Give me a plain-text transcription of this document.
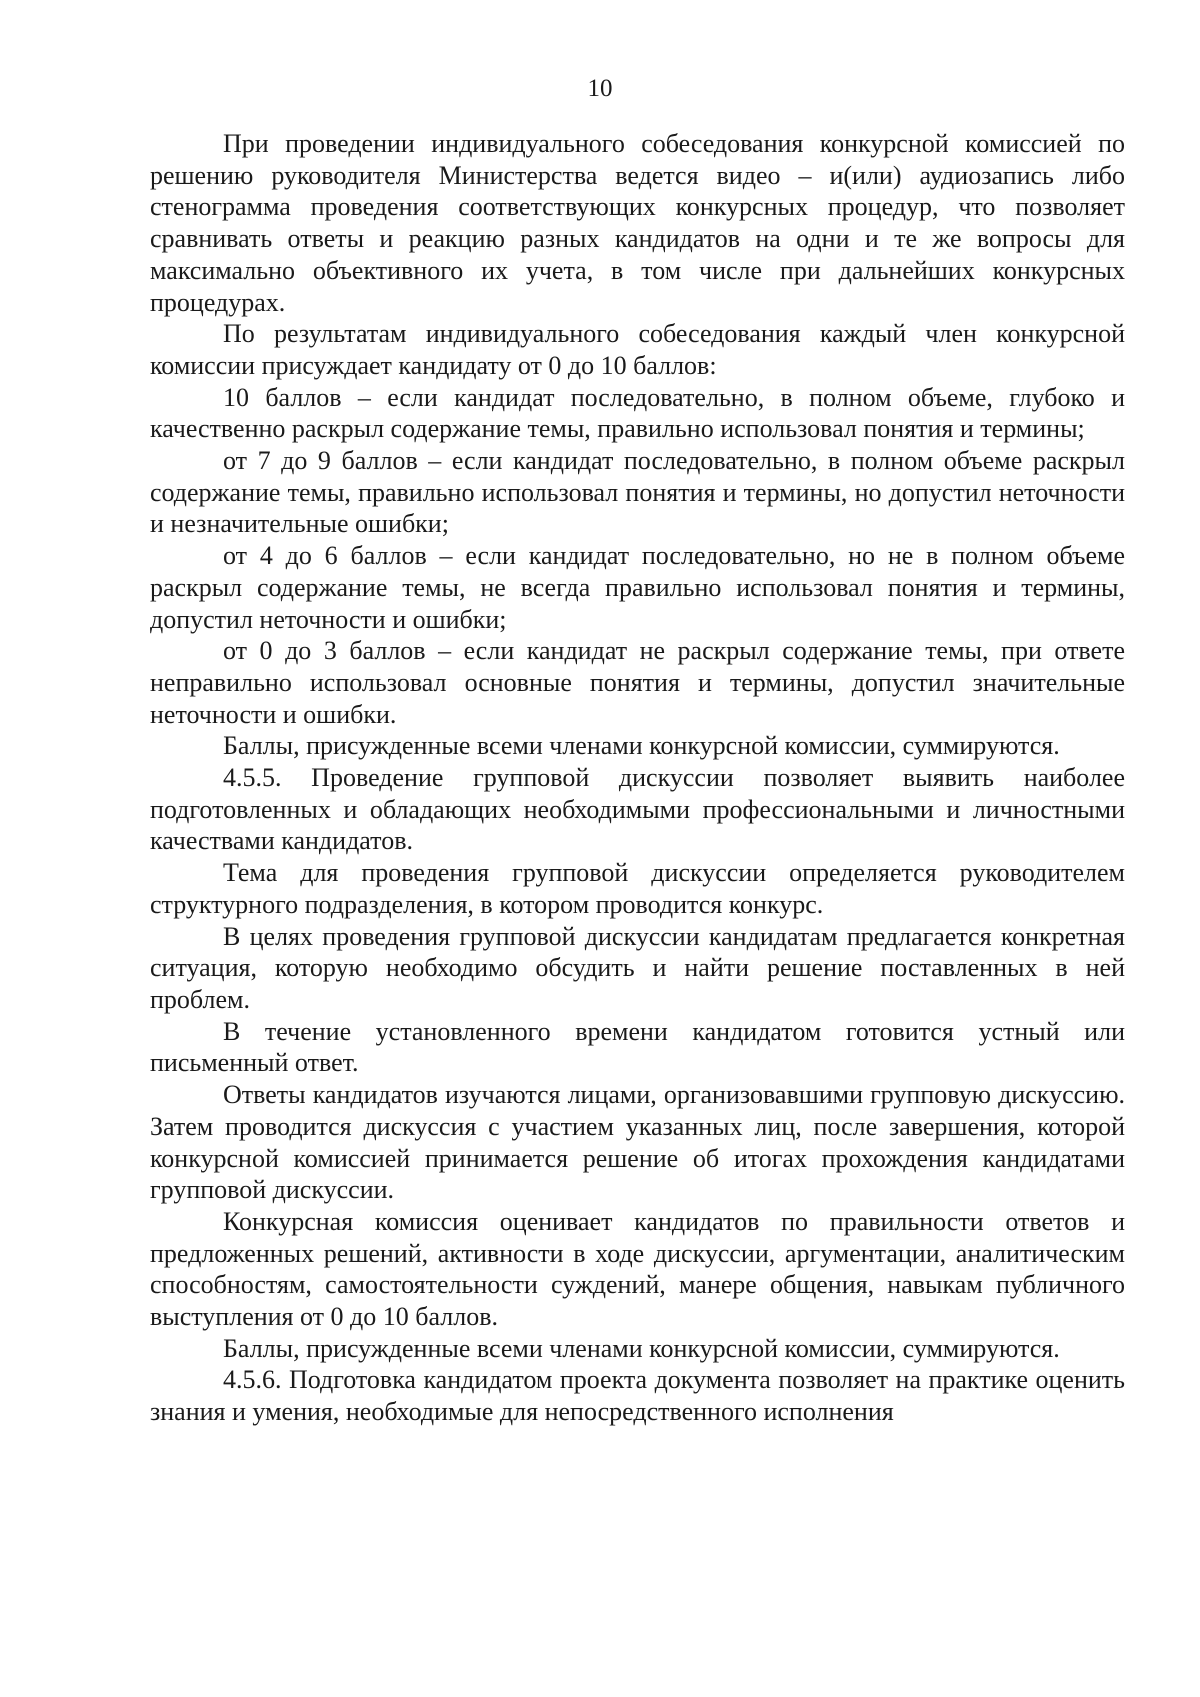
10

При проведении индивидуального собеседования конкурсной комиссией по решению руководителя Министерства ведется видео – и(или) аудиозапись либо стенограмма проведения соответствующих конкурсных процедур, что позволяет сравнивать ответы и реакцию разных кандидатов на одни и те же вопросы для максимально объективного их учета, в том числе при дальнейших конкурсных процедурах.

По результатам индивидуального собеседования каждый член конкурсной комиссии присуждает кандидату от 0 до 10 баллов:

10 баллов – если кандидат последовательно, в полном объеме, глубоко и качественно раскрыл содержание темы, правильно использовал понятия и термины;

от 7 до 9 баллов – если кандидат последовательно, в полном объеме раскрыл содержание темы, правильно использовал понятия и термины, но допустил неточности и незначительные ошибки;

от 4 до 6 баллов – если кандидат последовательно, но не в полном объеме раскрыл содержание темы, не всегда правильно использовал понятия и термины, допустил неточности и ошибки;

от 0 до 3 баллов – если кандидат не раскрыл содержание темы, при ответе неправильно использовал основные понятия и термины, допустил значительные неточности и ошибки.

Баллы, присужденные всеми членами конкурсной комиссии, суммируются.

4.5.5. Проведение групповой дискуссии позволяет выявить наиболее подготовленных и обладающих необходимыми профессиональными и личностными качествами кандидатов.

Тема для проведения групповой дискуссии определяется руководителем структурного подразделения, в котором проводится конкурс.

В целях проведения групповой дискуссии кандидатам предлагается конкретная ситуация, которую необходимо обсудить и найти решение поставленных в ней проблем.

В течение установленного времени кандидатом готовится устный или письменный ответ.

Ответы кандидатов изучаются лицами, организовавшими групповую дискуссию. Затем проводится дискуссия с участием указанных лиц, после завершения, которой конкурсной комиссией принимается решение об итогах прохождения кандидатами групповой дискуссии.

Конкурсная комиссия оценивает кандидатов по правильности ответов и предложенных решений, активности в ходе дискуссии, аргументации, аналитическим способностям, самостоятельности суждений, манере общения, навыкам публичного выступления от 0 до 10 баллов.

Баллы, присужденные всеми членами конкурсной комиссии, суммируются.

4.5.6. Подготовка кандидатом проекта документа позволяет на практике оценить знания и умения, необходимые для непосредственного исполнения
